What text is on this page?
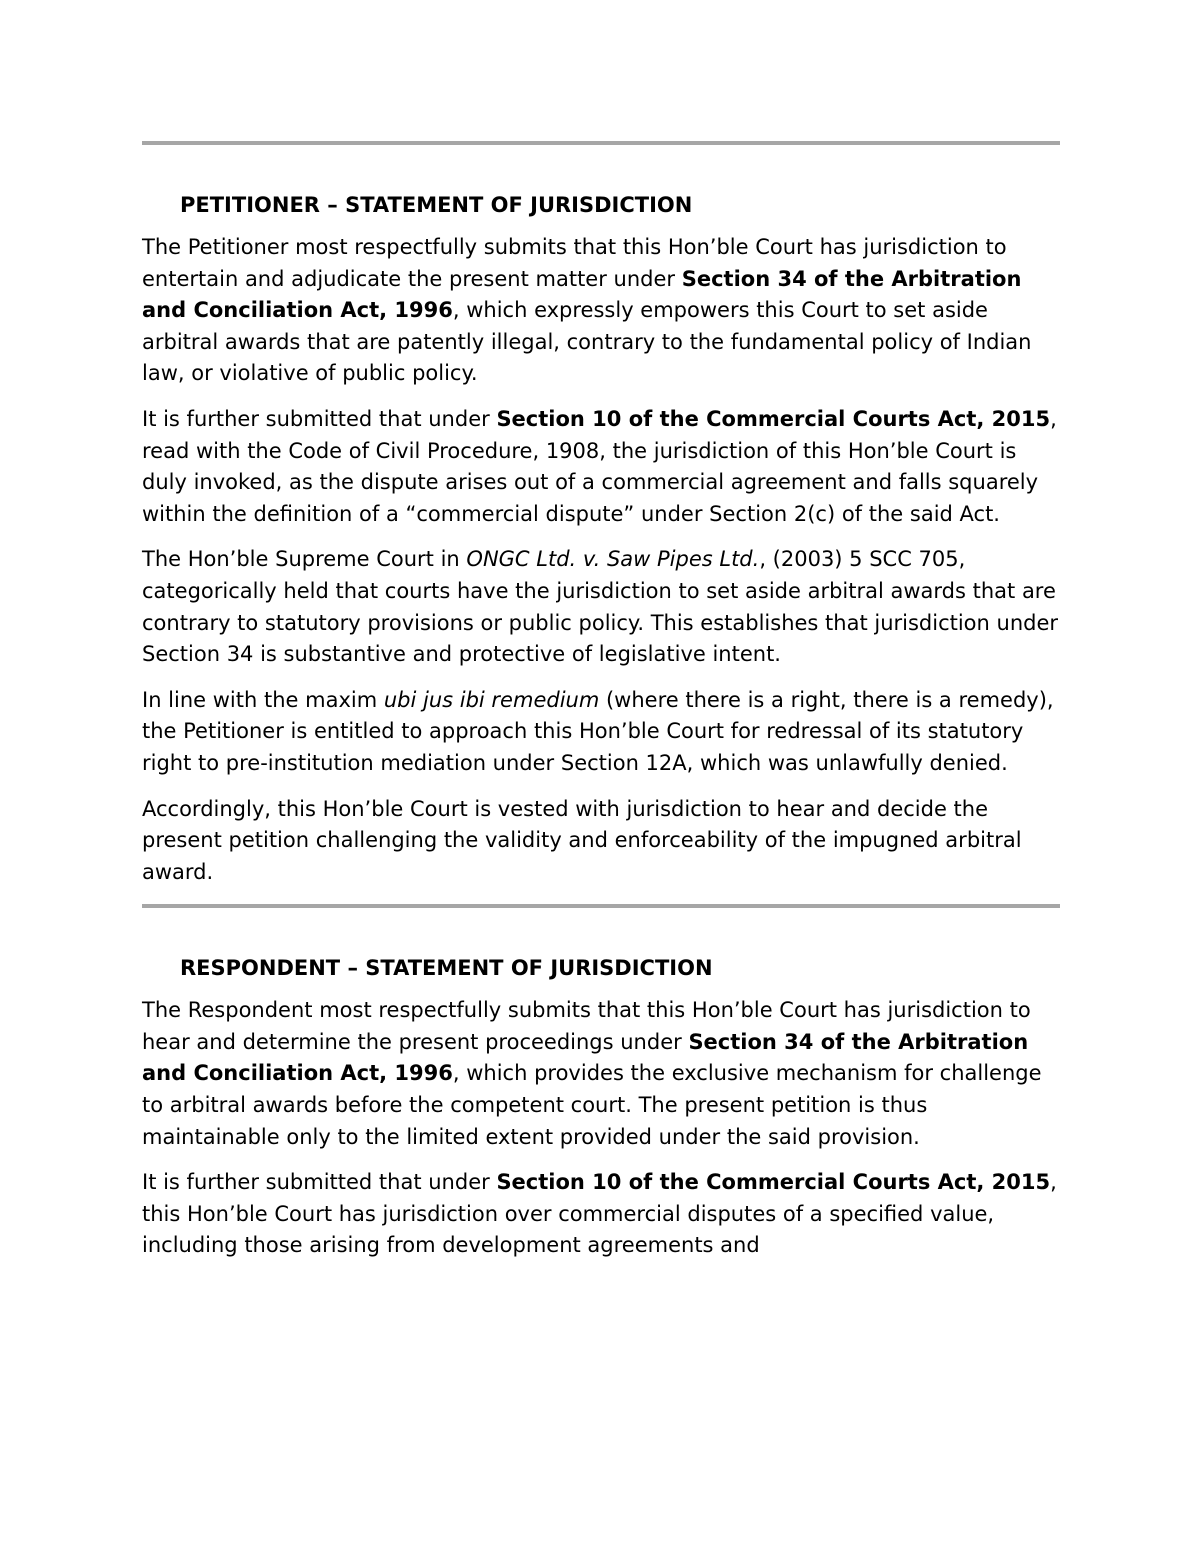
PETITIONER – STATEMENT OF JURISDICTION

The Petitioner most respectfully submits that this Hon’ble Court has jurisdiction to entertain and adjudicate the present matter under Section 34 of the Arbitration and Conciliation Act, 1996, which expressly empowers this Court to set aside arbitral awards that are patently illegal, contrary to the fundamental policy of Indian law, or violative of public policy.

It is further submitted that under Section 10 of the Commercial Courts Act, 2015, read with the Code of Civil Procedure, 1908, the jurisdiction of this Hon’ble Court is duly invoked, as the dispute arises out of a commercial agreement and falls squarely within the definition of a “commercial dispute” under Section 2(c) of the said Act.

The Hon’ble Supreme Court in ONGC Ltd. v. Saw Pipes Ltd., (2003) 5 SCC 705, categorically held that courts have the jurisdiction to set aside arbitral awards that are contrary to statutory provisions or public policy. This establishes that jurisdiction under Section 34 is substantive and protective of legislative intent.

In line with the maxim ubi jus ibi remedium (where there is a right, there is a remedy), the Petitioner is entitled to approach this Hon’ble Court for redressal of its statutory right to pre-institution mediation under Section 12A, which was unlawfully denied.

Accordingly, this Hon’ble Court is vested with jurisdiction to hear and decide the present petition challenging the validity and enforceability of the impugned arbitral award.

RESPONDENT – STATEMENT OF JURISDICTION

The Respondent most respectfully submits that this Hon’ble Court has jurisdiction to hear and determine the present proceedings under Section 34 of the Arbitration and Conciliation Act, 1996, which provides the exclusive mechanism for challenge to arbitral awards before the competent court. The present petition is thus maintainable only to the limited extent provided under the said provision.

It is further submitted that under Section 10 of the Commercial Courts Act, 2015, this Hon’ble Court has jurisdiction over commercial disputes of a specified value, including those arising from development agreements and
